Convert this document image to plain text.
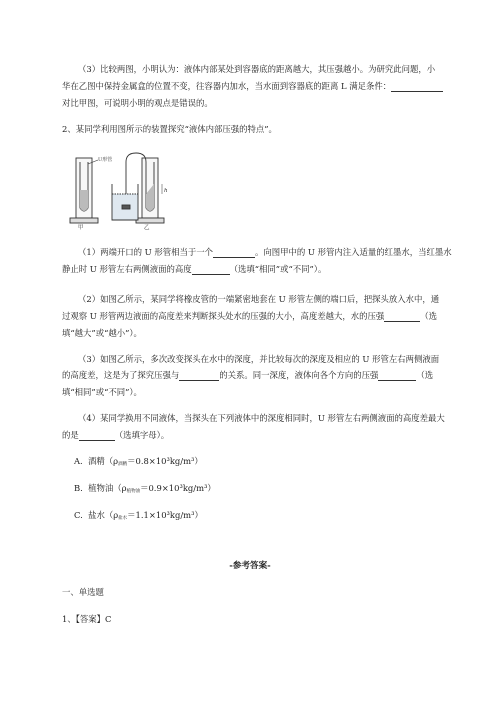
（3）比较两图，小明认为：液体内部某处到容器底的距离越大，其压强越小。为研究此问题，小
华在乙图中保持金属盒的位置不变，往容器内加水，当水面到容器底的距离 L 满足条件：
对比甲图，可说明小明的观点是错误的。
2、某同学利用图所示的装置探究“液体内部压强的特点”。
U形管
甲
h
乙
（1）两端开口的 U 形管相当于一个	。向图甲中的 U 形管内注入适量的红墨水，当红墨水
静止时 U 形管左右两侧液面的高度	（选填“相同”或“不同”）。
（2）如图乙所示，某同学将橡皮管的一端紧密地套在 U 形管左侧的端口后，把探头放入水中，通
过观察 U 形管两边液面的高度差来判断探头处水的压强的大小，高度差越大，水的压强	（选
填“越大”或“越小”）。
（3）如图乙所示，多次改变探头在水中的深度，并比较每次的深度及相应的 U 形管左右两侧液面
的高度差，这是为了探究压强与	的关系。同一深度，液体向各个方向的压强	（选
填“相同”或“不同”）。
（4）某同学换用不同液体，当探头在下列液体中的深度相同时，U 形管左右两侧液面的高度差最大
的是	（选填字母）。
A. 酒精$(\rho_{酒精}=0.8\times 10^3kg/m^3)$
B. 植物油$(\rho_{植物油}=0.9\times 10^3kg/m^3)$
C. 盐水$(\rho_{盐水}=1.1\times 10^3kg/m^3)$
-参考答案-
一、单选题
1、【答案】C
